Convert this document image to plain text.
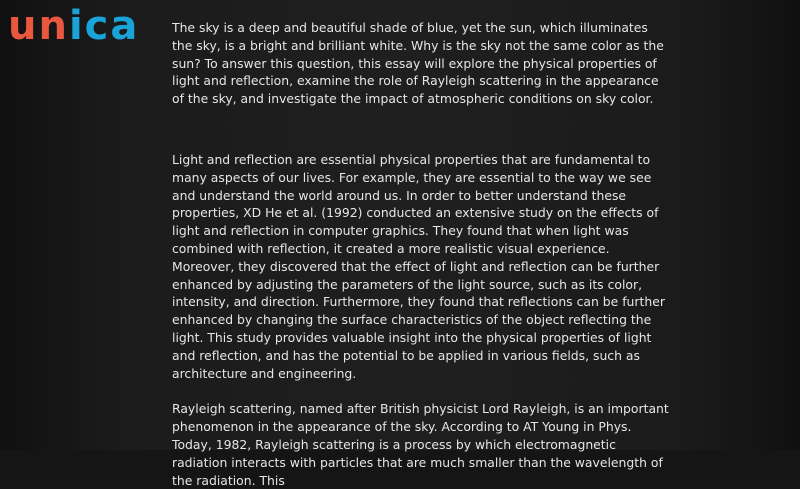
unica	The sky is a deep and beautiful shade of blue, yet the sun, which illuminates the sky, is a bright and brilliant white. Why is the sky not the same color as the sun? To answer this question, this essay will explore the physical properties of light and reflection, examine the role of Rayleigh scattering in the appearance of the sky, and investigate the impact of atmospheric conditions on sky color.

Light and reflection are essential physical properties that are fundamental to many aspects of our lives. For example, they are essential to the way we see and understand the world around us. In order to better understand these properties, XD He et al. (1992) conducted an extensive study on the effects of light and reflection in computer graphics. They found that when light was combined with reflection, it created a more realistic visual experience. Moreover, they discovered that the effect of light and reflection can be further enhanced by adjusting the parameters of the light source, such as its color, intensity, and direction. Furthermore, they found that reflections can be further enhanced by changing the surface characteristics of the object reflecting the light. This study provides valuable insight into the physical properties of light and reflection, and has the potential to be applied in various fields, such as architecture and engineering.

Rayleigh scattering, named after British physicist Lord Rayleigh, is an important phenomenon in the appearance of the sky. According to AT Young in Phys. Today, 1982, Rayleigh scattering is a process by which electromagnetic radiation interacts with particles that are much smaller than the wavelength of the radiation. This
